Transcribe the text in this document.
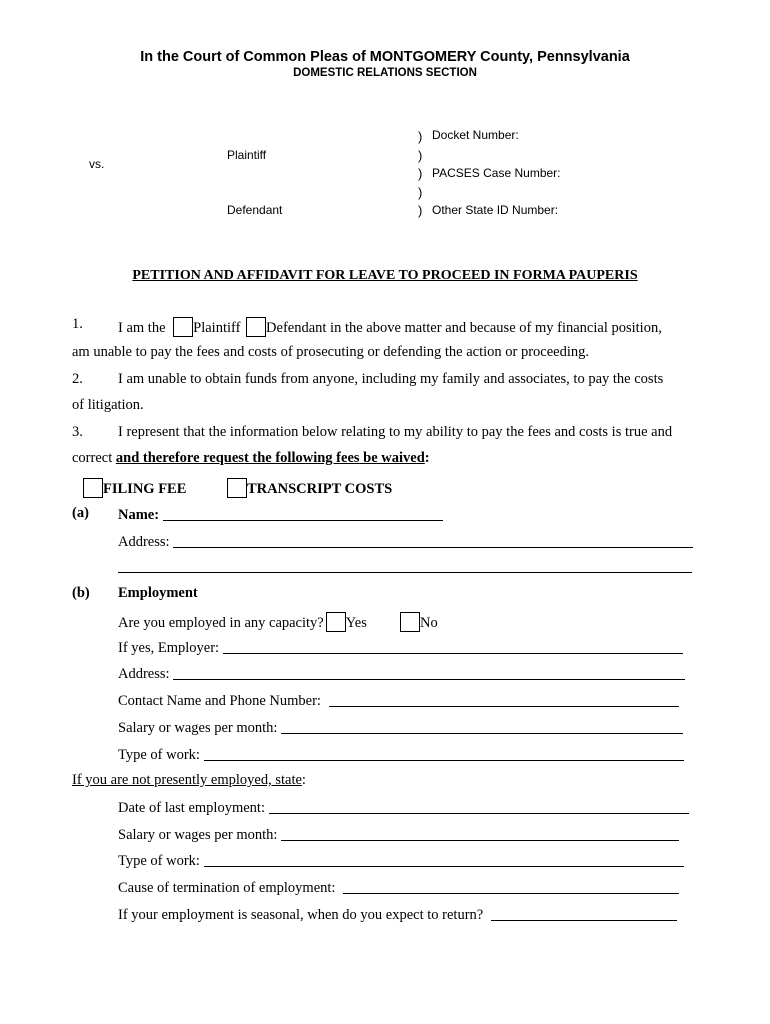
In the Court of Common Pleas of MONTGOMERY County, Pennsylvania
DOMESTIC RELATIONS SECTION
vs.
Plaintiff
Defendant
)
)
)
)
)
Docket Number:
PACSES Case Number:
Other State ID Number:
PETITION AND AFFIDAVIT FOR LEAVE TO PROCEED IN FORMA PAUPERIS
1. I am the Plaintiff Defendant in the above matter and because of my financial position,
am unable to pay the fees and costs of prosecuting or defending the action or proceeding.
2. I am unable to obtain funds from anyone, including my family and associates, to pay the costs
of litigation.
3. I represent that the information below relating to my ability to pay the fees and costs is true and
correct and therefore request the following fees be waived:
FILING FEE	TRANSCRIPT COSTS
(a) Name:
Address:
(b) Employment
Are you employed in any capacity? Yes	No
If yes, Employer:
Address:
Contact Name and Phone Number:
Salary or wages per month:
Type of work:
If you are not presently employed, state:
Date of last employment:
Salary or wages per month:
Type of work:
Cause of termination of employment:
If your employment is seasonal, when do you expect to return?
